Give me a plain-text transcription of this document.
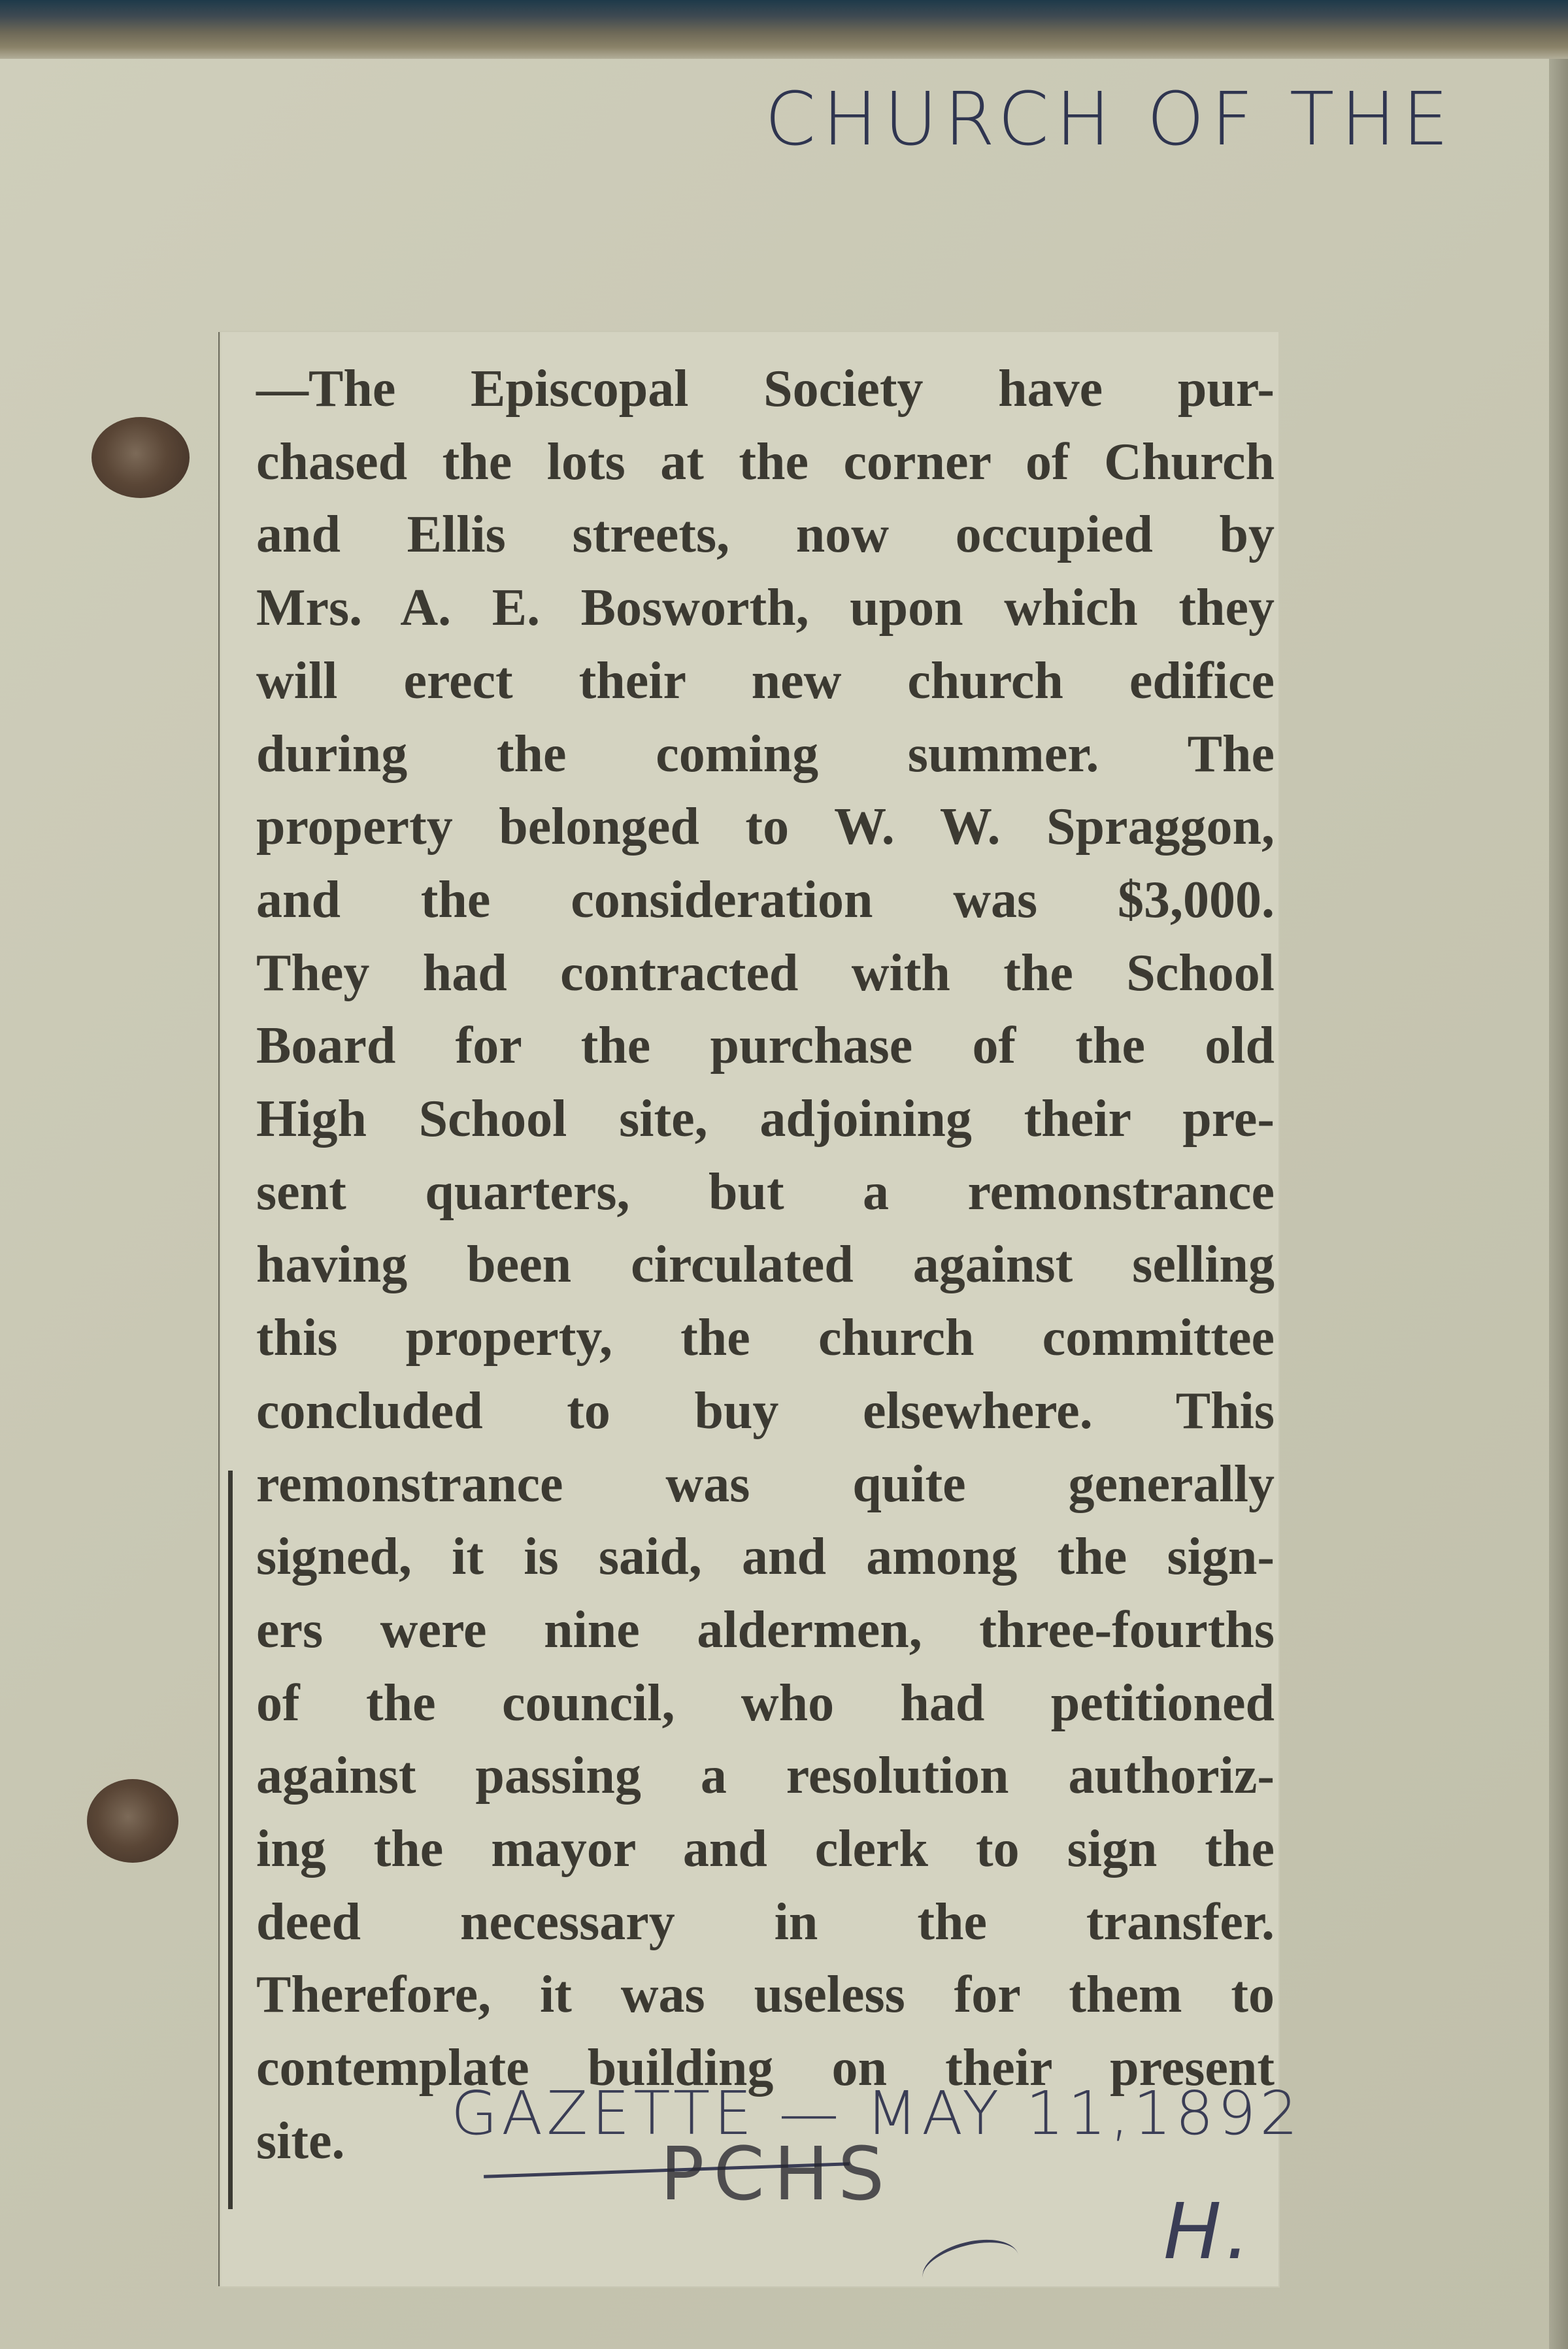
CHURCH OF THE
—The Episcopal Society have pur-
chased the lots at the corner of Church
and Ellis streets, now occupied by
Mrs. A. E. Bosworth, upon which they
will erect their new church edifice
during the coming summer. The
property belonged to W. W. Spraggon,
and the consideration was $3,000.
They had contracted with the School
Board for the purchase of the old
High School site, adjoining their pre-
sent quarters, but a remonstrance
having been circulated against selling
this property, the church committee
concluded to buy elsewhere. This
remonstrance was quite generally
signed, it is said, and among the sign-
ers were nine aldermen, three-fourths
of the council, who had petitioned
against passing a resolution authoriz-
ing the mayor and clerk to sign the
deed necessary in the transfer.
Therefore, it was useless for them to
contemplate building on their present
site.	GAZETTE — MAY 11,1892
PCHS
H.
